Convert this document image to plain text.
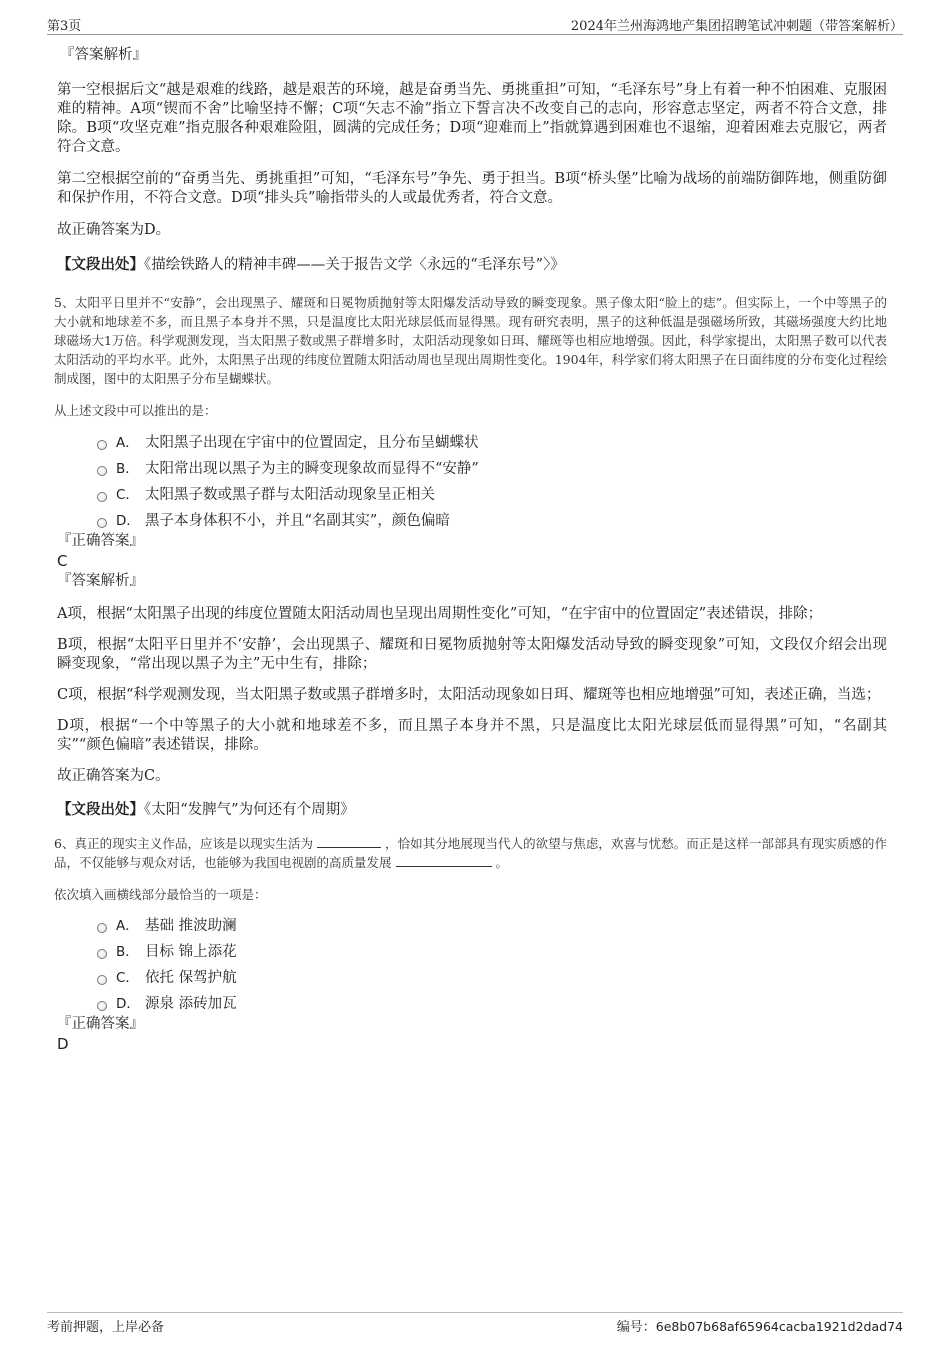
第3页	2024年兰州海鸿地产集团招聘笔试冲刺题（带答案解析）
『答案解析』
第一空根据后文“越是艰难的线路，越是艰苦的环境，越是奋勇当先、勇挑重担”可知，“毛泽东号”身上有着一种不怕困难、克服困难的精神。A项“锲而不舍”比喻坚持不懈；C项“矢志不渝”指立下誓言决不改变自己的志向，形容意志坚定，两者不符合文意，排除。B项“攻坚克难”指克服各种艰难险阻，圆满的完成任务；D项“迎难而上”指就算遇到困难也不退缩，迎着困难去克服它，两者符合文意。
第二空根据空前的“奋勇当先、勇挑重担”可知，“毛泽东号”争先、勇于担当。B项“桥头堡”比喻为战场的前端防御阵地，侧重防御和保护作用，不符合文意。D项“排头兵”喻指带头的人或最优秀者，符合文意。
故正确答案为D。
【文段出处】《描绘铁路人的精神丰碑——关于报告文学〈永远的“毛泽东号”〉》
5、太阳平日里并不“安静”，会出现黑子、耀斑和日冕物质抛射等太阳爆发活动导致的瞬变现象。黑子像太阳“脸上的痣”。但实际上，一个中等黑子的大小就和地球差不多，而且黑子本身并不黑，只是温度比太阳光球层低而显得黑。现有研究表明，黑子的这种低温是强磁场所致，其磁场强度大约比地球磁场大1万倍。科学观测发现，当太阳黑子数或黑子群增多时，太阳活动现象如日珥、耀斑等也相应地增强。因此，科学家提出，太阳黑子数可以代表太阳活动的平均水平。此外，太阳黑子出现的纬度位置随太阳活动周也呈现出周期性变化。1904年，科学家们将太阳黑子在日面纬度的分布变化过程绘制成图，图中的太阳黑子分布呈蝴蝶状。
从上述文段中可以推出的是：
A． 太阳黑子出现在宇宙中的位置固定，且分布呈蝴蝶状
B． 太阳常出现以黑子为主的瞬变现象故而显得不“安静”
C． 太阳黑子数或黑子群与太阳活动现象呈正相关
D． 黑子本身体积不小，并且“名副其实”，颜色偏暗
『正确答案』
C
『答案解析』
A项，根据“太阳黑子出现的纬度位置随太阳活动周也呈现出周期性变化”可知，“在宇宙中的位置固定”表述错误，排除；
B项，根据“太阳平日里并不‘安静’，会出现黑子、耀斑和日冕物质抛射等太阳爆发活动导致的瞬变现象”可知，文段仅介绍会出现瞬变现象，“常出现以黑子为主”无中生有，排除；
C项，根据“科学观测发现，当太阳黑子数或黑子群增多时，太阳活动现象如日珥、耀斑等也相应地增强”可知，表述正确，当选；
D项，根据“一个中等黑子的大小就和地球差不多，而且黑子本身并不黑，只是温度比太阳光球层低而显得黑”可知，“名副其实”“颜色偏暗”表述错误，排除。
故正确答案为C。
【文段出处】《太阳“发脾气”为何还有个周期》
6、真正的现实主义作品，应该是以现实生活为	，恰如其分地展现当代人的欲望与焦虑，欢喜与忧愁。而正是这样一部部具有现实质感的作品，不仅能够与观众对话，也能够为我国电视剧的高质量发展	。
依次填入画横线部分最恰当的一项是：
A． 基础 推波助澜
B． 目标 锦上添花
C． 依托 保驾护航
D． 源泉 添砖加瓦
『正确答案』
D
考前押题，上岸必备	编号：6e8b07b68af65964cacba1921d2dad74
